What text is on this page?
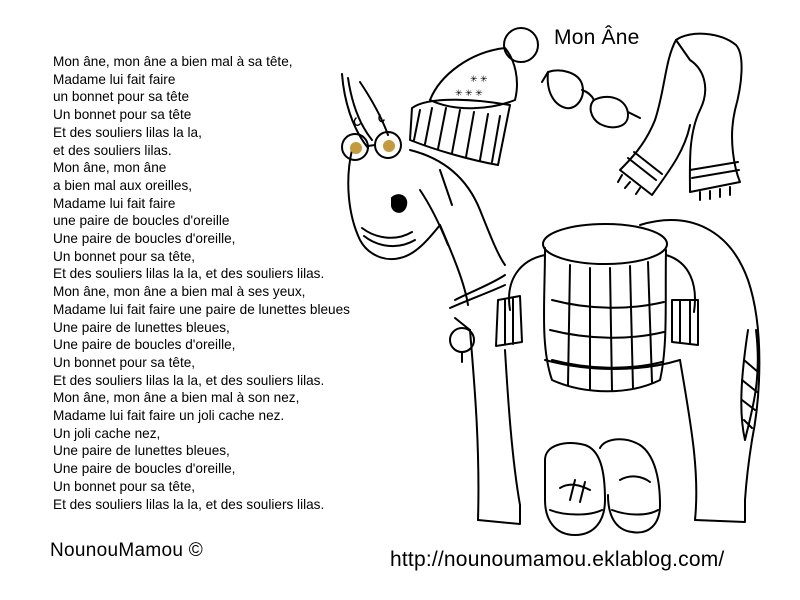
✳ ✳
✳ ✳ ✳
Mon Âne
Mon âne, mon âne a bien mal à sa tête,
Madame lui fait faire
un bonnet pour sa tête
Un bonnet pour sa tête
Et des souliers lilas la la,
et des souliers lilas.
Mon âne, mon âne
a bien mal aux oreilles,
Madame lui fait faire
une paire de boucles d'oreille
Une paire de boucles d'oreille,
Un bonnet pour sa tête,
Et des souliers lilas la la, et des souliers lilas.
Mon âne, mon âne a bien mal à ses yeux,
Madame lui fait faire une paire de lunettes bleues
Une paire de lunettes bleues,
Une paire de boucles d'oreille,
Un bonnet pour sa tête,
Et des souliers lilas la la, et des souliers lilas.
Mon âne, mon âne a bien mal à son nez,
Madame lui fait faire un joli cache nez.
Un joli cache nez,
Une paire de lunettes bleues,
Une paire de boucles d'oreille,
Un bonnet pour sa tête,
Et des souliers lilas la la, et des souliers lilas.
NounouMamou ©	http://nounoumamou.eklablog.com/
